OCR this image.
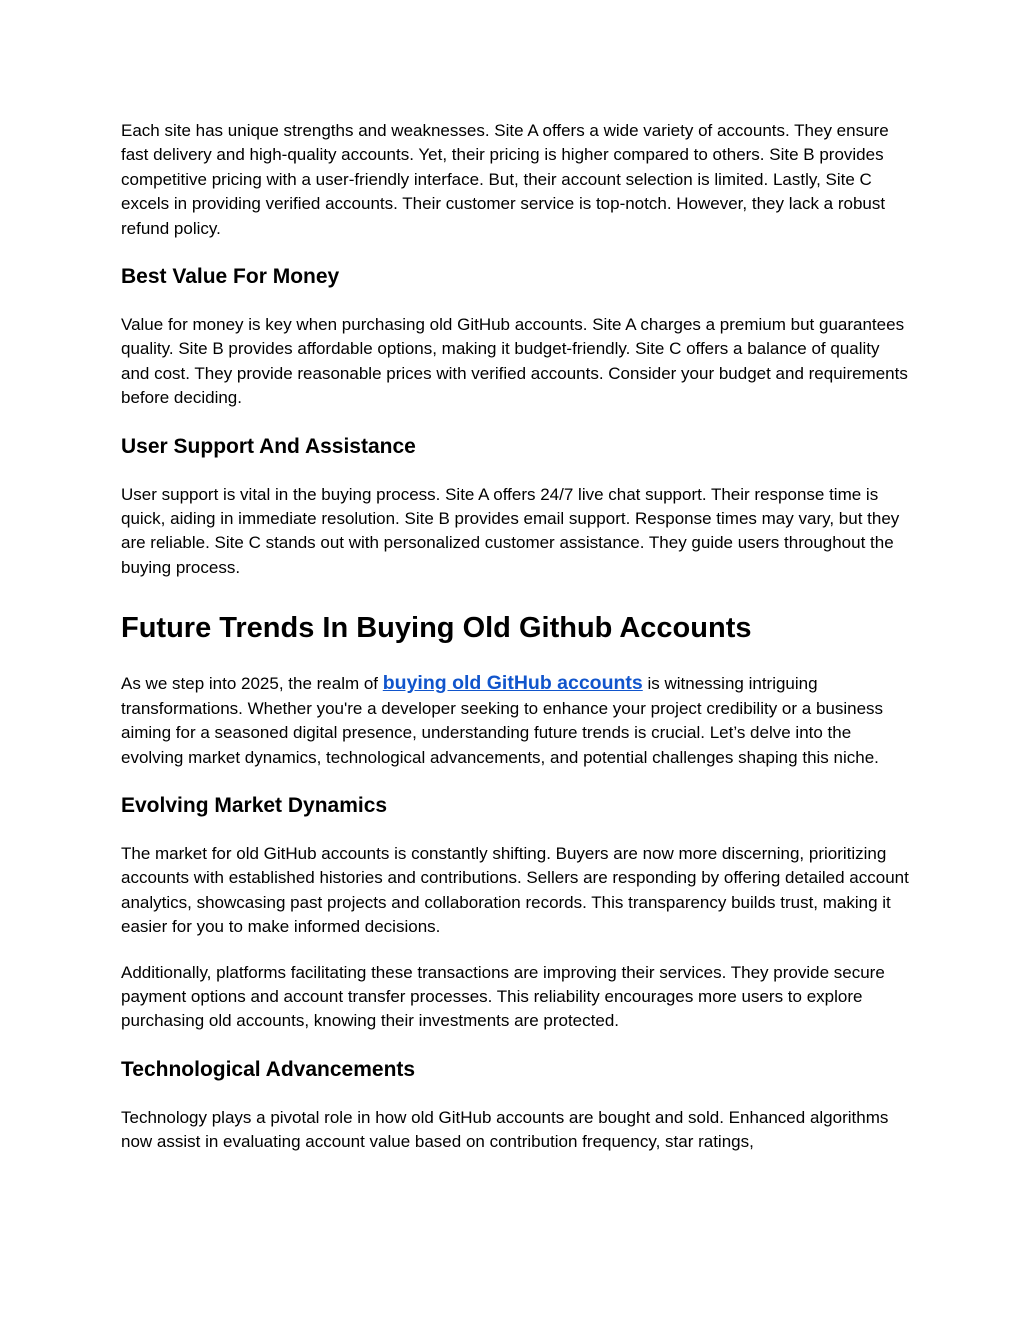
Each site has unique strengths and weaknesses. Site A offers a wide variety of accounts. They ensure fast delivery and high-quality accounts. Yet, their pricing is higher compared to others. Site B provides competitive pricing with a user-friendly interface. But, their account selection is limited. Lastly, Site C excels in providing verified accounts. Their customer service is top-notch. However, they lack a robust refund policy.

Best Value For Money

Value for money is key when purchasing old GitHub accounts. Site A charges a premium but guarantees quality. Site B provides affordable options, making it budget-friendly. Site C offers a balance of quality and cost. They provide reasonable prices with verified accounts. Consider your budget and requirements before deciding.

User Support And Assistance

User support is vital in the buying process. Site A offers 24/7 live chat support. Their response time is quick, aiding in immediate resolution. Site B provides email support. Response times may vary, but they are reliable. Site C stands out with personalized customer assistance. They guide users throughout the buying process.

Future Trends In Buying Old Github Accounts

As we step into 2025, the realm of buying old GitHub accounts is witnessing intriguing transformations. Whether you're a developer seeking to enhance your project credibility or a business aiming for a seasoned digital presence, understanding future trends is crucial. Let’s delve into the evolving market dynamics, technological advancements, and potential challenges shaping this niche.

Evolving Market Dynamics

The market for old GitHub accounts is constantly shifting. Buyers are now more discerning, prioritizing accounts with established histories and contributions. Sellers are responding by offering detailed account analytics, showcasing past projects and collaboration records. This transparency builds trust, making it easier for you to make informed decisions.

Additionally, platforms facilitating these transactions are improving their services. They provide secure payment options and account transfer processes. This reliability encourages more users to explore purchasing old accounts, knowing their investments are protected.

Technological Advancements

Technology plays a pivotal role in how old GitHub accounts are bought and sold. Enhanced algorithms now assist in evaluating account value based on contribution frequency, star ratings,
